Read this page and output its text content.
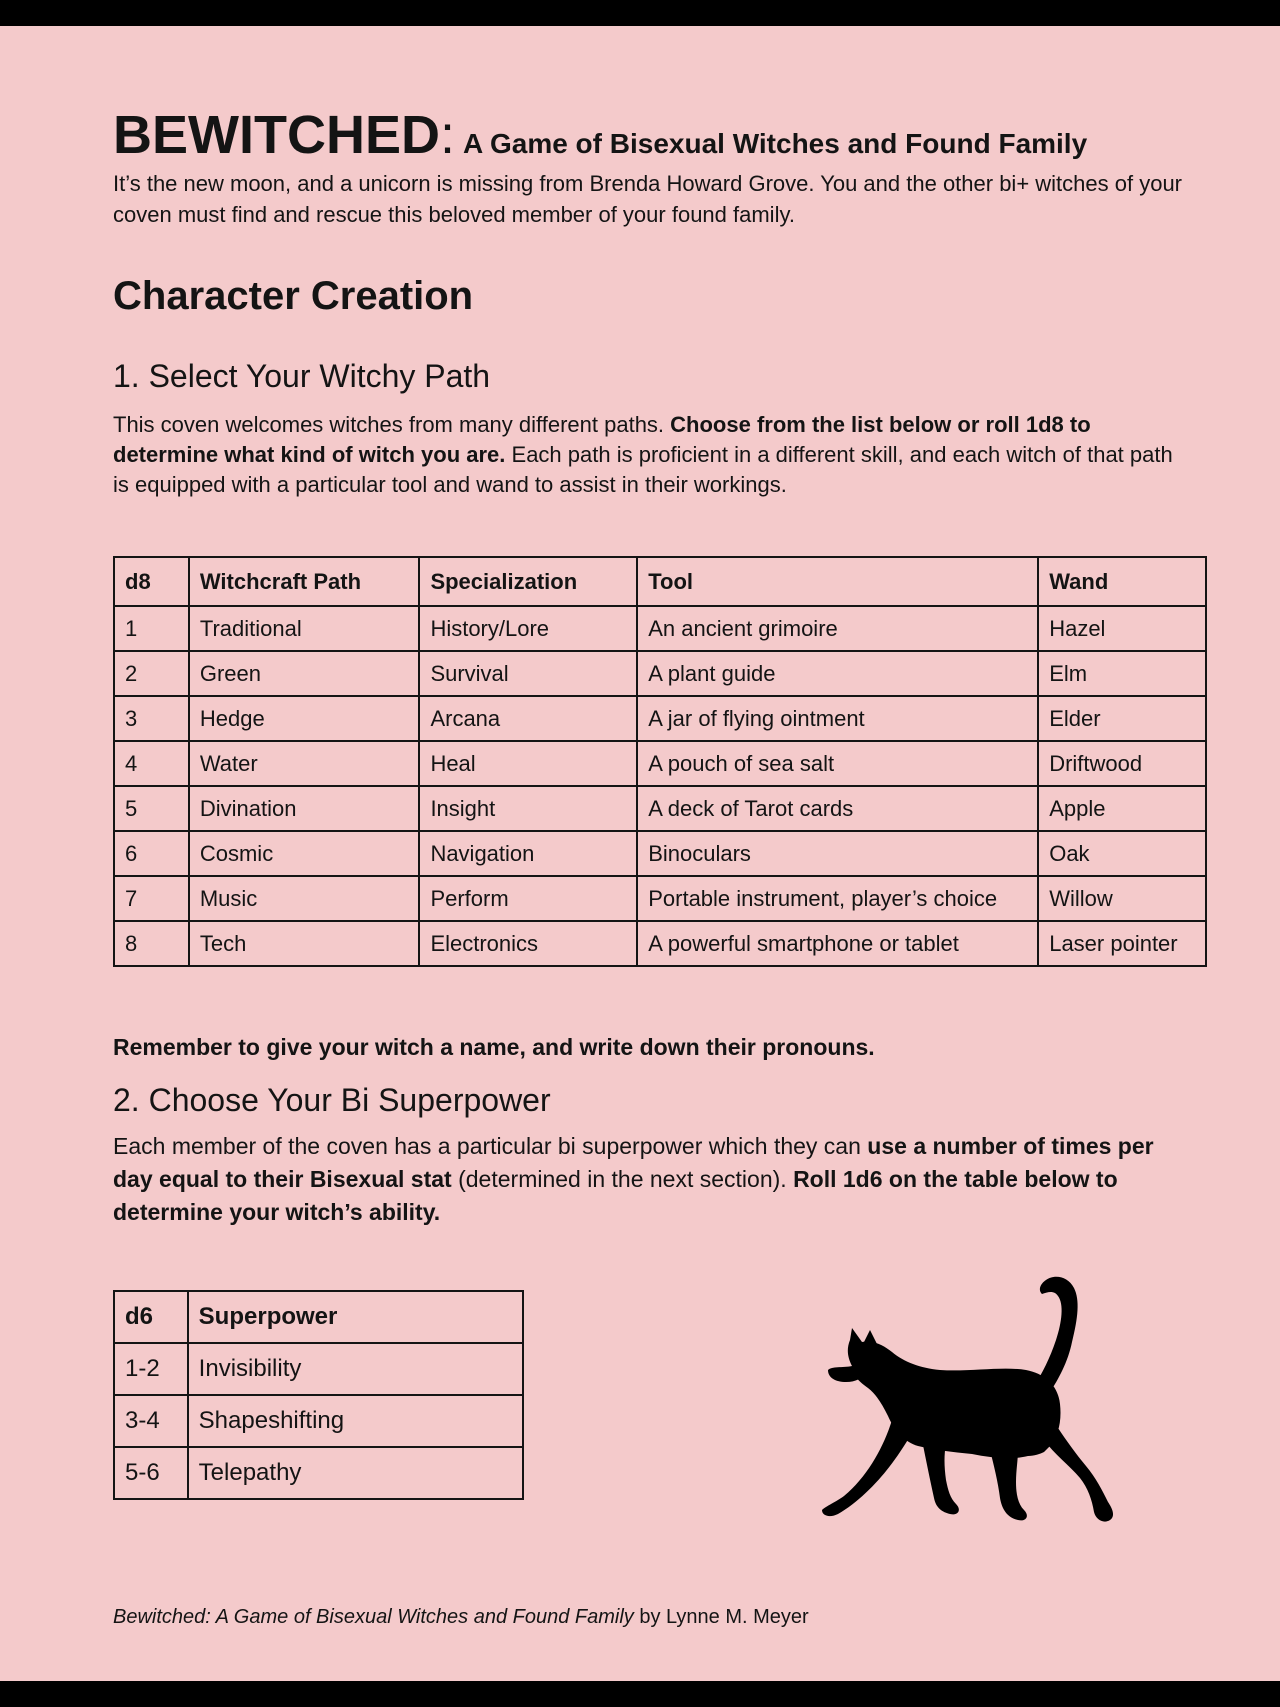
BEWITCHED: A Game of Bisexual Witches and Found Family

It’s the new moon, and a unicorn is missing from Brenda Howard Grove. You and the other bi+ witches of your coven must find and rescue this beloved member of your found family.

Character Creation
1. Select Your Witchy Path

This coven welcomes witches from many different paths. Choose from the list below or roll 1d8 to determine what kind of witch you are. Each path is proficient in a different skill, and each witch of that path is equipped with a particular tool and wand to assist in their workings.

d8	Witchcraft Path	Specialization	Tool	Wand
1	Traditional	History/Lore	An ancient grimoire	Hazel
2	Green	Survival	A plant guide	Elm
3	Hedge	Arcana	A jar of flying ointment	Elder
4	Water	Heal	A pouch of sea salt	Driftwood
5	Divination	Insight	A deck of Tarot cards	Apple
6	Cosmic	Navigation	Binoculars	Oak
7	Music	Perform	Portable instrument, player’s choice	Willow
8	Tech	Electronics	A powerful smartphone or tablet	Laser pointer

Remember to give your witch a name, and write down their pronouns.

2. Choose Your Bi Superpower

Each member of the coven has a particular bi superpower which they can use a number of times per day equal to their Bisexual stat (determined in the next section). Roll 1d6 on the table below to determine your witch’s ability.

d6	Superpower
1-2	Invisibility
3-4	Shapeshifting
5-6	Telepathy

Bewitched: A Game of Bisexual Witches and Found Family by Lynne M. Meyer
